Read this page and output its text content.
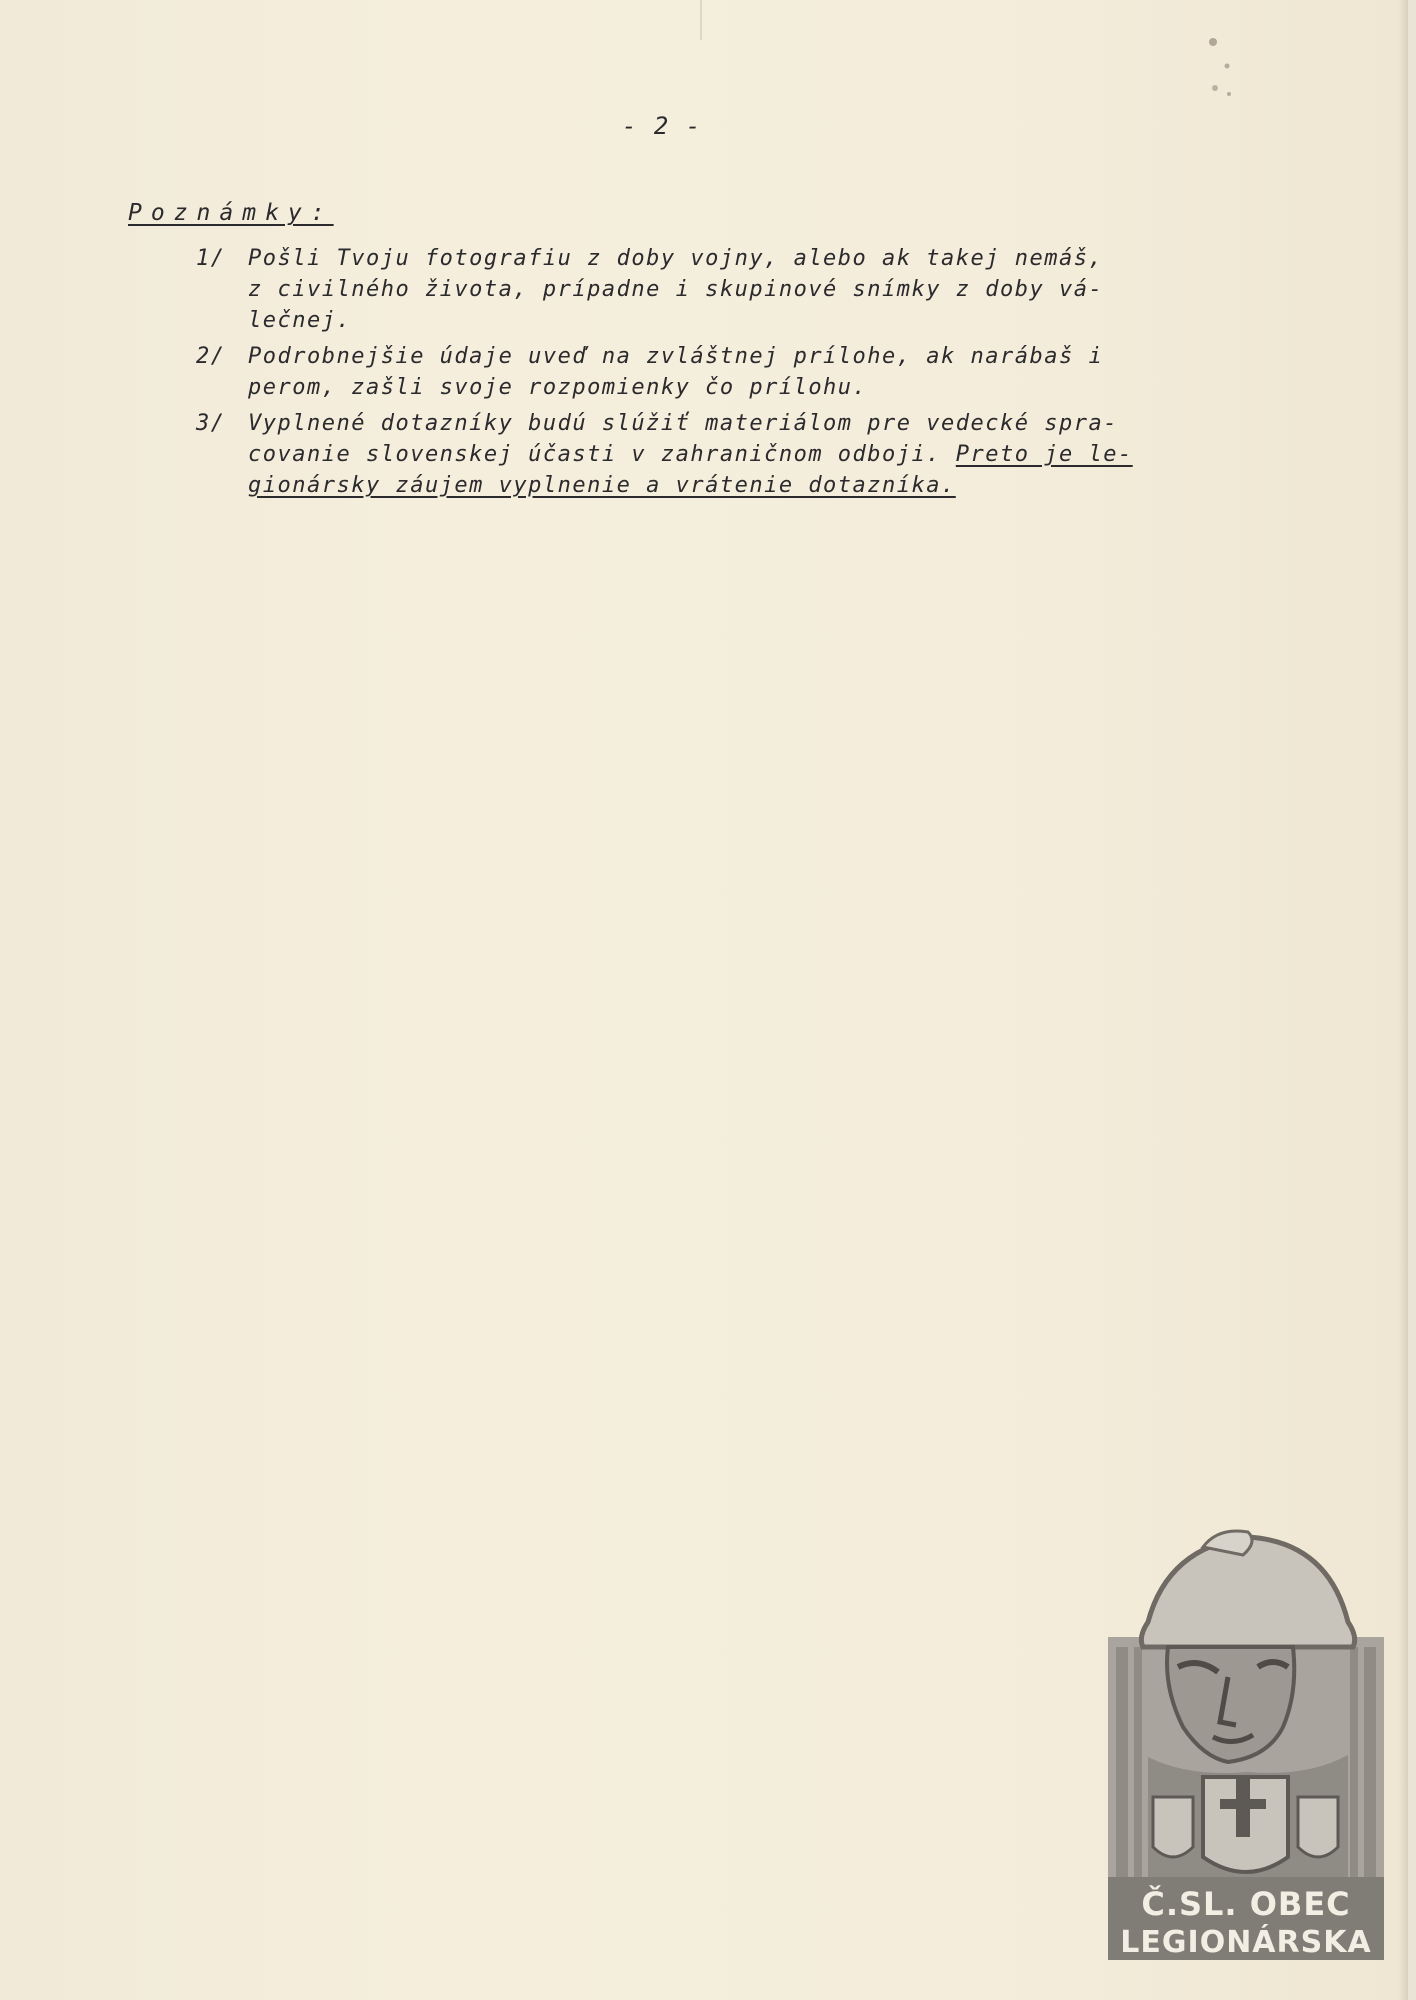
- 2 -
Poznámky:
1/ Pošli Tvoju fotografiu z doby vojny, alebo ak takej nemáš,
z civilného života, prípadne i skupinové snímky z doby vá-
lečnej.
2/ Podrobnejšie údaje uveď na zvláštnej prílohe, ak narábaš i
perom, zašli svoje rozpomienky čo prílohu.
3/ Vyplnené dotazníky budú slúžiť materiálom pre vedecké spra-
covanie slovenskej účasti v zahraničnom odboji. Preto je le-
gionársky záujem vyplnenie a vrátenie dotazníka.
Č.SL. OBEC
LEGIONÁRSKA
